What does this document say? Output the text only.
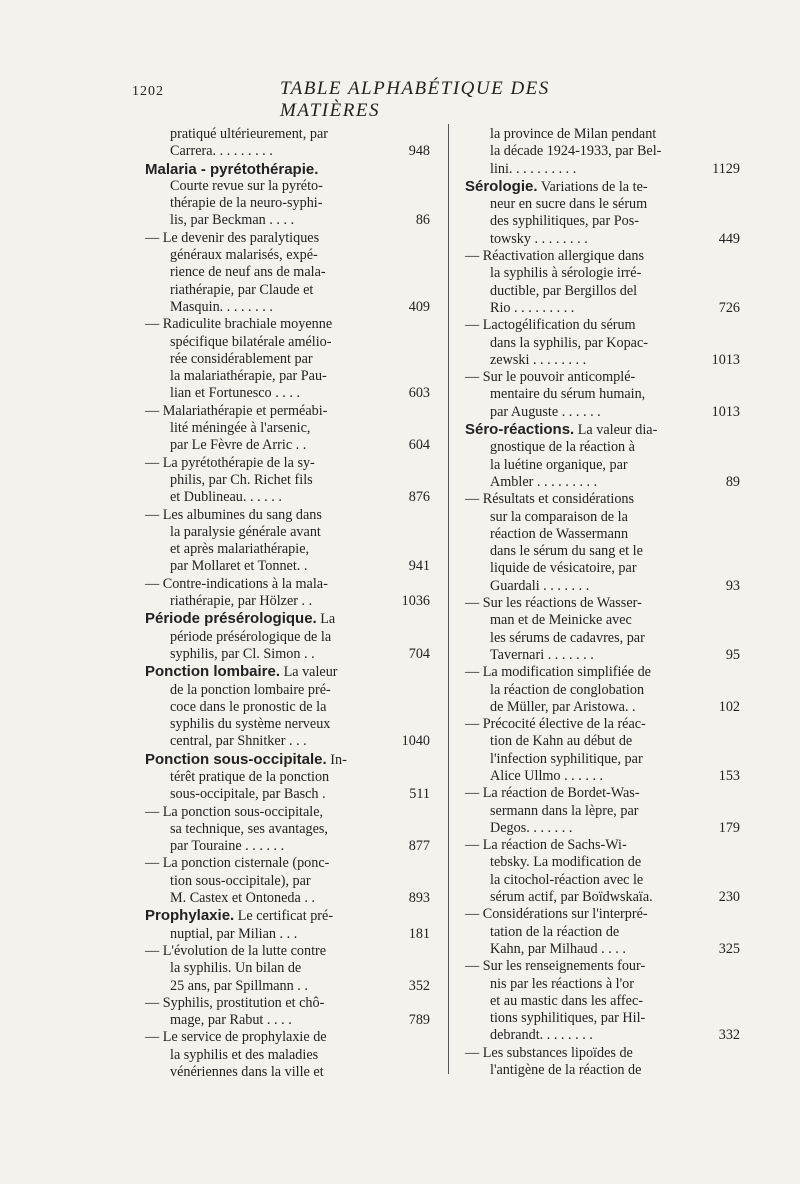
1202	TABLE ALPHABÉTIQUE DES MATIÈRES
pratiqué ultérieurement, par
Carrera. . . . . . . . .	948
Malaria - pyrétothérapie.
Courte revue sur la pyréto-
thérapie de la neuro-syphi-
lis, par Beckman . . . .	86
— Le devenir des paralytiques
généraux malarisés, expé-
rience de neuf ans de mala-
riathérapie, par Claude et
Masquin. . . . . . . .	409
— Radiculite brachiale moyenne
spécifique bilatérale amélio-
rée considérablement par
la malariathérapie, par Pau-
lian et Fortunesco . . . .	603
— Malariathérapie et perméabi-
lité méningée à l'arsenic,
par Le Fèvre de Arric . .	604
— La pyrétothérapie de la sy-
philis, par Ch. Richet fils
et Dublineau. . . . . .	876
— Les albumines du sang dans
la paralysie générale avant
et après malariathérapie,
par Mollaret et Tonnet. .	941
— Contre-indications à la mala-
riathérapie, par Hölzer . .	1036
Période présérologique. La
période présérologique de la
syphilis, par Cl. Simon . .	704
Ponction lombaire. La valeur
de la ponction lombaire pré-
coce dans le pronostic de la
syphilis du système nerveux
central, par Shnitker . . .	1040
Ponction sous-occipitale. In-
térêt pratique de la ponction
sous-occipitale, par Basch .	511
— La ponction sous-occipitale,
sa technique, ses avantages,
par Touraine . . . . . .	877
— La ponction cisternale (ponc-
tion sous-occipitale), par
M. Castex et Ontoneda . .	893
Prophylaxie. Le certificat pré-
nuptial, par Milian . . .	181
— L'évolution de la lutte contre
la syphilis. Un bilan de
25 ans, par Spillmann . .	352
— Syphilis, prostitution et chô-
mage, par Rabut . . . .	789
— Le service de prophylaxie de
la syphilis et des maladies
vénériennes dans la ville et
la province de Milan pendant
la décade 1924-1933, par Bel-
lini. . . . . . . . . .	1129
Sérologie. Variations de la te-
neur en sucre dans le sérum
des syphilitiques, par Pos-
towsky . . . . . . . .	449
— Réactivation allergique dans
la syphilis à sérologie irré-
ductible, par Bergillos del
Rio . . . . . . . . .	726
— Lactogélification du sérum
dans la syphilis, par Kopac-
zewski . . . . . . . .	1013
— Sur le pouvoir anticomplé-
mentaire du sérum humain,
par Auguste . . . . . .	1013
Séro-réactions. La valeur dia-
gnostique de la réaction à
la luétine organique, par
Ambler . . . . . . . . .	89
— Résultats et considérations
sur la comparaison de la
réaction de Wassermann
dans le sérum du sang et le
liquide de vésicatoire, par
Guardali . . . . . . .	93
— Sur les réactions de Wasser-
man et de Meinicke avec
les sérums de cadavres, par
Tavernari . . . . . . .	95
— La modification simplifiée de
la réaction de conglobation
de Müller, par Aristowa. .	102
— Précocité élective de la réac-
tion de Kahn au début de
l'infection syphilitique, par
Alice Ullmo . . . . . .	153
— La réaction de Bordet-Was-
sermann dans la lèpre, par
Degos. . . . . . .	179
— La réaction de Sachs-Wi-
tebsky. La modification de
la citochol-réaction avec le
sérum actif, par Boïdwskaïa.	230
— Considérations sur l'interpré-
tation de la réaction de
Kahn, par Milhaud . . . .	325
— Sur les renseignements four-
nis par les réactions à l'or
et au mastic dans les affec-
tions syphilitiques, par Hil-
debrandt. . . . . . . .	332
— Les substances lipoïdes de
l'antigène de la réaction de
